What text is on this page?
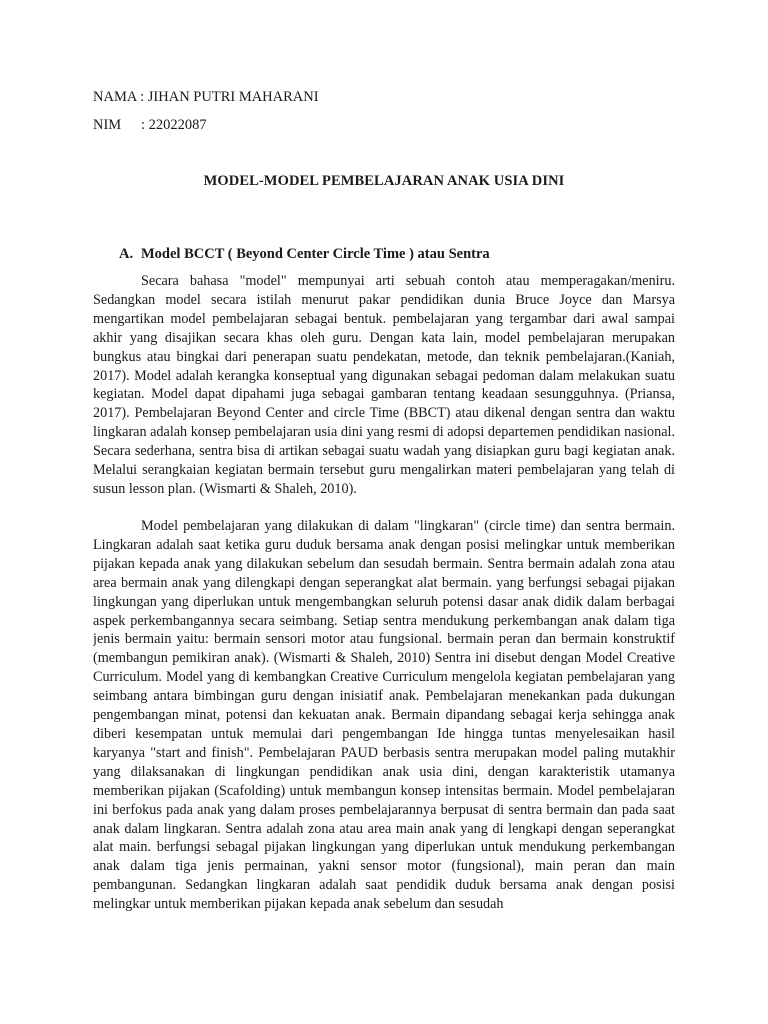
NAMA : JIHAN PUTRI MAHARANI
NIM : 22022087
MODEL-MODEL PEMBELAJARAN ANAK USIA DINI
A. Model BCCT ( Beyond Center Circle Time ) atau Sentra

Secara bahasa "model" mempunyai arti sebuah contoh atau memperagakan/meniru. Sedangkan model secara istilah menurut pakar pendidikan dunia Bruce Joyce dan Marsya mengartikan model pembelajaran sebagai bentuk. pembelajaran yang tergambar dari awal sampai akhir yang disajikan secara khas oleh guru. Dengan kata lain, model pembelajaran merupakan bungkus atau bingkai dari penerapan suatu pendekatan, metode, dan teknik pembelajaran.(Kaniah, 2017). Model adalah kerangka konseptual yang digunakan sebagai pedoman dalam melakukan suatu kegiatan. Model dapat dipahami juga sebagai gambaran tentang keadaan sesungguhnya. (Priansa, 2017). Pembelajaran Beyond Center and circle Time (BBCT) atau dikenal dengan sentra dan waktu lingkaran adalah konsep pembelajaran usia dini yang resmi di adopsi departemen pendidikan nasional. Secara sederhana, sentra bisa di artikan sebagai suatu wadah yang disiapkan guru bagi kegiatan anak. Melalui serangkaian kegiatan bermain tersebut guru mengalirkan materi pembelajaran yang telah di susun lesson plan. (Wismarti & Shaleh, 2010).

Model pembelajaran yang dilakukan di dalam "lingkaran" (circle time) dan sentra bermain. Lingkaran adalah saat ketika guru duduk bersama anak dengan posisi melingkar untuk memberikan pijakan kepada anak yang dilakukan sebelum dan sesudah bermain. Sentra bermain adalah zona atau area bermain anak yang dilengkapi dengan seperangkat alat bermain. yang berfungsi sebagai pijakan lingkungan yang diperlukan untuk mengembangkan seluruh potensi dasar anak didik dalam berbagai aspek perkembangannya secara seimbang. Setiap sentra mendukung perkembangan anak dalam tiga jenis bermain yaitu: bermain sensori motor atau fungsional. bermain peran dan bermain konstruktif (membangun pemikiran anak). (Wismarti & Shaleh, 2010) Sentra ini disebut dengan Model Creative Curriculum. Model yang di kembangkan Creative Curriculum mengelola kegiatan pembelajaran yang seimbang antara bimbingan guru dengan inisiatif anak. Pembelajaran menekankan pada dukungan pengembangan minat, potensi dan kekuatan anak. Bermain dipandang sebagai kerja sehingga anak diberi kesempatan untuk memulai dari pengembangan Ide hingga tuntas menyelesaikan hasil karyanya "start and finish". Pembelajaran PAUD berbasis sentra merupakan model paling mutakhir yang dilaksanakan di lingkungan pendidikan anak usia dini, dengan karakteristik utamanya memberikan pijakan (Scafolding) untuk membangun konsep intensitas bermain. Model pembelajaran ini berfokus pada anak yang dalam proses pembelajarannya berpusat di sentra bermain dan pada saat anak dalam lingkaran. Sentra adalah zona atau area main anak yang di lengkapi dengan seperangkat alat main. berfungsi sebagal pijakan lingkungan yang diperlukan untuk mendukung perkembangan anak dalam tiga jenis permainan, yakni sensor motor (fungsional), main peran dan main pembangunan. Sedangkan lingkaran adalah saat pendidik duduk bersama anak dengan posisi melingkar untuk memberikan pijakan kepada anak sebelum dan sesudah
